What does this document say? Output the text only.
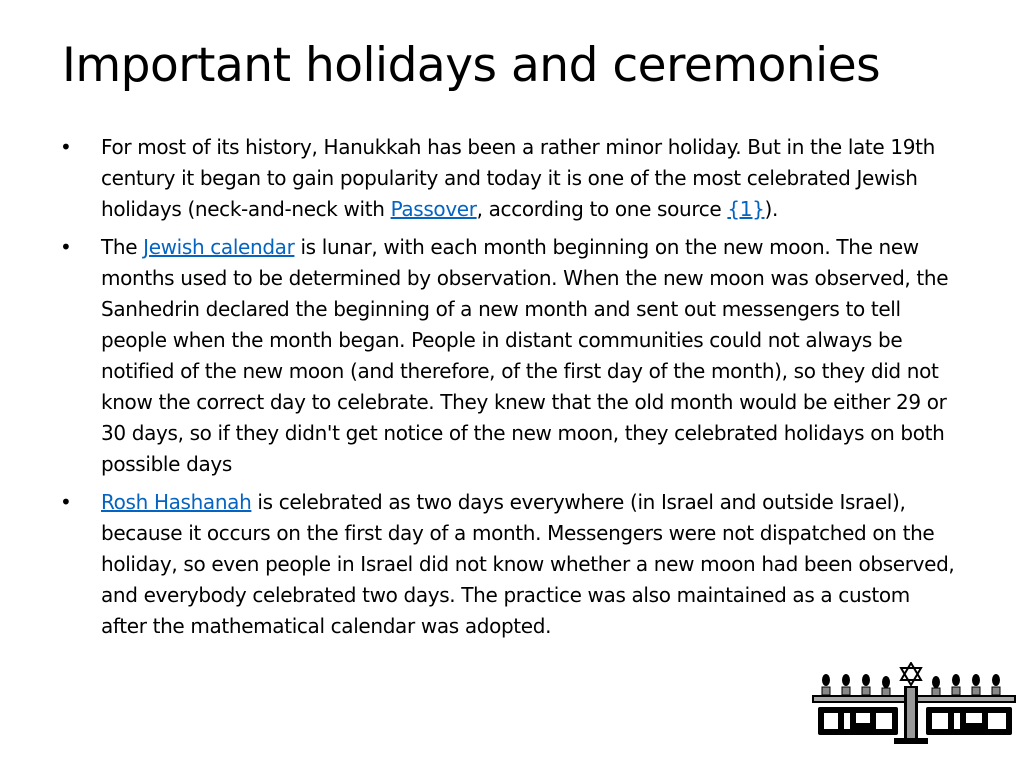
Important holidays and ceremonies
• For most of its history, Hanukkah has been a rather minor holiday. But in the late 19th century it began to gain popularity and today it is one of the most celebrated Jewish holidays (neck-and-neck with Passover, according to one source {1}).
• The Jewish calendar is lunar, with each month beginning on the new moon. The new months used to be determined by observation. When the new moon was observed, the Sanhedrin declared the beginning of a new month and sent out messengers to tell people when the month began. People in distant communities could not always be notified of the new moon (and therefore, of the first day of the month), so they did not know the correct day to celebrate. They knew that the old month would be either 29 or 30 days, so if they didn't get notice of the new moon, they celebrated holidays on both possible days
• Rosh Hashanah is celebrated as two days everywhere (in Israel and outside Israel), because it occurs on the first day of a month. Messengers were not dispatched on the holiday, so even people in Israel did not know whether a new moon had been observed, and everybody celebrated two days. The practice was also maintained as a custom after the mathematical calendar was adopted.
